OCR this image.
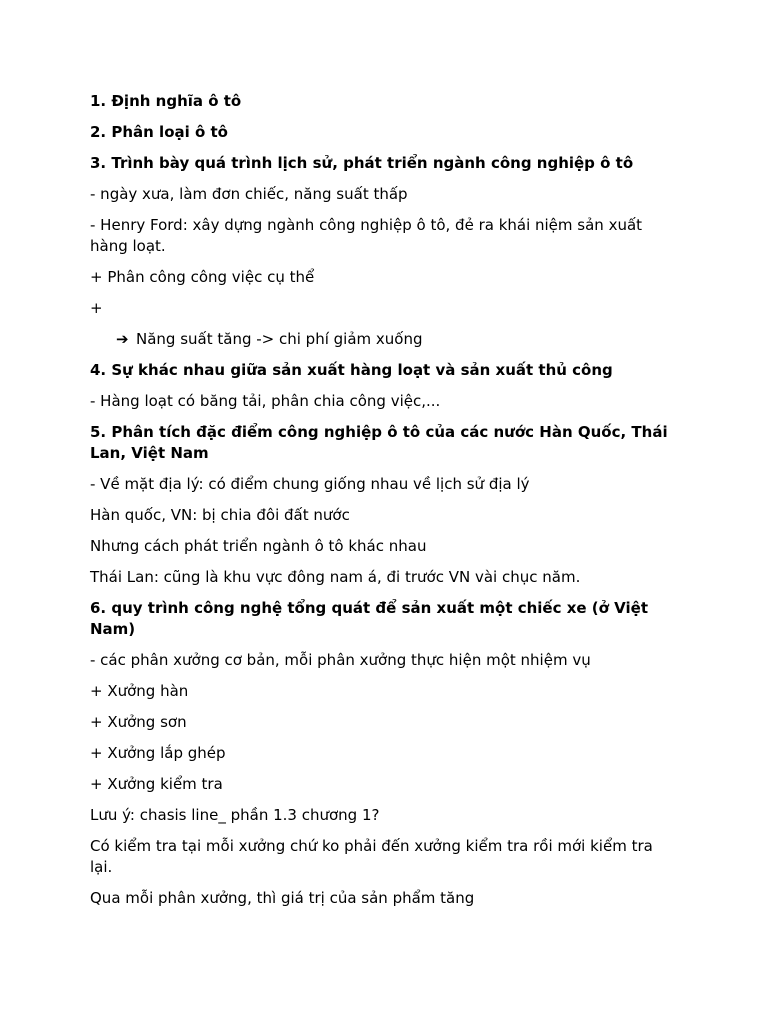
1. Định nghĩa ô tô
2. Phân loại ô tô
3. Trình bày quá trình lịch sử, phát triển ngành công nghiệp ô tô
- ngày xưa, làm đơn chiếc, năng suất thấp
- Henry Ford: xây dựng ngành công nghiệp ô tô, đẻ ra khái niệm sản xuất hàng loạt.
+ Phân công công việc cụ thể
+
➔ Năng suất tăng -> chi phí giảm xuống
4. Sự khác nhau giữa sản xuất hàng loạt và sản xuất thủ công
- Hàng loạt có băng tải, phân chia công việc,...
5. Phân tích đặc điểm công nghiệp ô tô của các nước Hàn Quốc, Thái Lan, Việt Nam
- Về mặt địa lý: có điểm chung giống nhau về lịch sử địa lý
Hàn quốc, VN: bị chia đôi đất nước
Nhưng cách phát triển ngành ô tô khác nhau
Thái Lan: cũng là khu vực đông nam á, đi trước VN vài chục năm.
6. quy trình công nghệ tổng quát để sản xuất một chiếc xe (ở Việt Nam)
- các phân xưởng cơ bản, mỗi phân xưởng thực hiện một nhiệm vụ
+ Xưởng hàn
+ Xưởng sơn
+ Xưởng lắp ghép
+ Xưởng kiểm tra
Lưu ý: chasis line_ phần 1.3 chương 1?
Có kiểm tra tại mỗi xưởng chứ ko phải đến xưởng kiểm tra rồi mới kiểm tra lại.
Qua mỗi phân xưởng, thì giá trị của sản phẩm tăng
